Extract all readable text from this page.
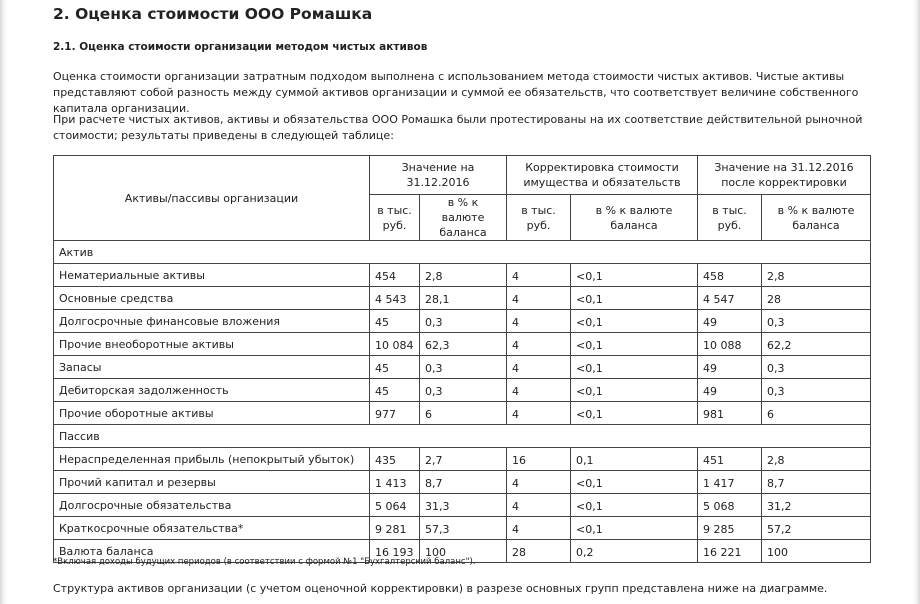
2. Оценка стоимости ООО Ромашка
2.1. Оценка стоимости организации методом чистых активов

Оценка стоимости организации затратным подходом выполнена с использованием метода стоимости чистых активов. Чистые активы представляют собой разность между суммой активов организации и суммой ее обязательств, что соответствует величине собственного капитала организации.

При расчете чистых активов, активы и обязательства ООО Ромашка были протестированы на их соответствие действительной рыночной стоимости; результаты приведены в следующей таблице:

Активы/пассивы организации	Значение на 31.12.2016		Корректировка стоимости имущества и обязательств		Значение на 31.12.2016 после корректировки	
	в тыс. руб.	в % к валюте баланса	в тыс. руб.	в % к валюте баланса	в тыс. руб.	в % к валюте баланса
Актив						
Нематериальные активы	454	2,8	4	<0,1	458	2,8
Основные средства	4 543	28,1	4	<0,1	4 547	28
Долгосрочные финансовые вложения	45	0,3	4	<0,1	49	0,3
Прочие внеоборотные активы	10 084	62,3	4	<0,1	10 088	62,2
Запасы	45	0,3	4	<0,1	49	0,3
Дебиторская задолженность	45	0,3	4	<0,1	49	0,3
Прочие оборотные активы	977	6	4	<0,1	981	6
Пассив						
Нераспределенная прибыль (непокрытый убыток)	435	2,7	16	0,1	451	2,8
Прочий капитал и резервы	1 413	8,7	4	<0,1	1 417	8,7
Долгосрочные обязательства	5 064	31,3	4	<0,1	5 068	31,2
Краткосрочные обязательства*	9 281	57,3	4	<0,1	9 285	57,2
Валюта баланса	16 193	100	28	0,2	16 221	100
*Включая доходы будущих периодов (в соответствии с формой №1 "Бухгалтерский баланс").
Структура активов организации (с учетом оценочной корректировки) в разрезе основных групп представлена ниже на диаграмме.
